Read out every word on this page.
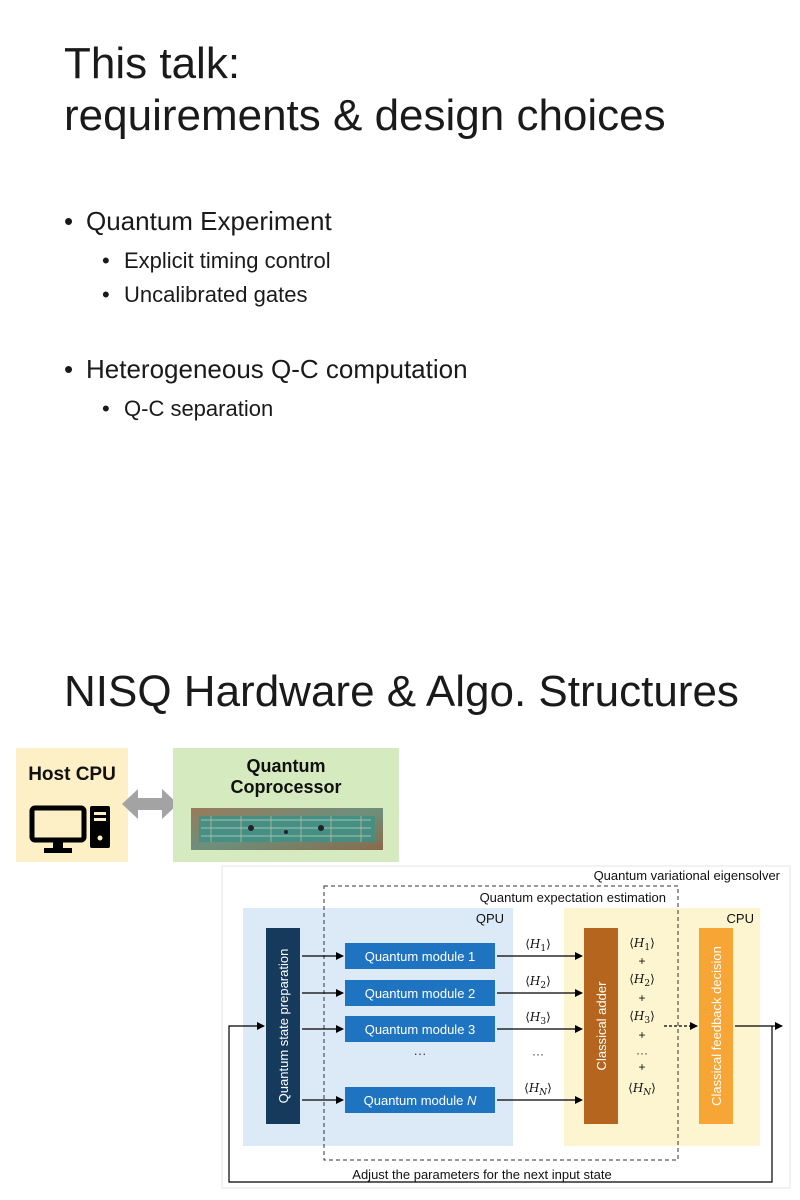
This talk:
requirements & design choices
• Quantum Experiment
• Explicit timing control
• Uncalibrated gates
• Heterogeneous Q-C computation
• Q-C separation
NISQ Hardware & Algo. Structures
Host CPU	Quantum
Coprocessor
Quantum variational eigensolver
Quantum expectation estimation
QPU	CPU
Quantum state preparation	Quantum module 1
Quantum module 2
Quantum module 3
···
Quantum module N
$⟨H_1⟩$
$⟨H_2⟩$
$⟨H_3⟩$
···
$⟨H_N⟩$
Classical adder
$⟨H_1⟩$
+
$⟨H_2⟩$
+
$⟨H_3⟩$
+
···
+
$⟨H_N⟩$	Classical feedback decision
Adjust the parameters for the next input state
